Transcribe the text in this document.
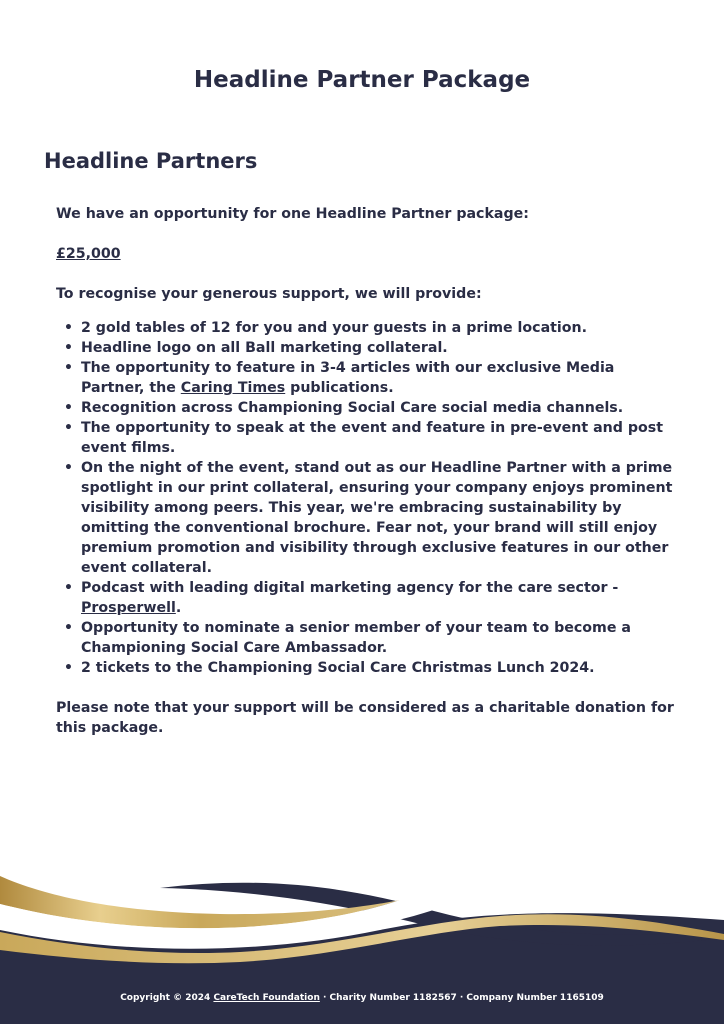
Headline Partner Package
Headline Partners

We have an opportunity for one Headline Partner package:

£25,000

To recognise your generous support, we will provide:

• 2 gold tables of 12 for you and your guests in a prime location.
• Headline logo on all Ball marketing collateral.
• The opportunity to feature in 3-4 articles with our exclusive Media Partner, the Caring Times publications.
• Recognition across Championing Social Care social media channels.
• The opportunity to speak at the event and feature in pre-event and post event films.
• On the night of the event, stand out as our Headline Partner with a prime spotlight in our print collateral, ensuring your company enjoys prominent visibility among peers. This year, we're embracing sustainability by omitting the conventional brochure. Fear not, your brand will still enjoy premium promotion and visibility through exclusive features in our other event collateral.
• Podcast with leading digital marketing agency for the care sector - Prosperwell.
• Opportunity to nominate a senior member of your team to become a Championing Social Care Ambassador.
• 2 tickets to the Championing Social Care Christmas Lunch 2024.

Please note that your support will be considered as a charitable donation for this package.

Copyright © 2024 CareTech Foundation · Charity Number 1182567 · Company Number 1165109
